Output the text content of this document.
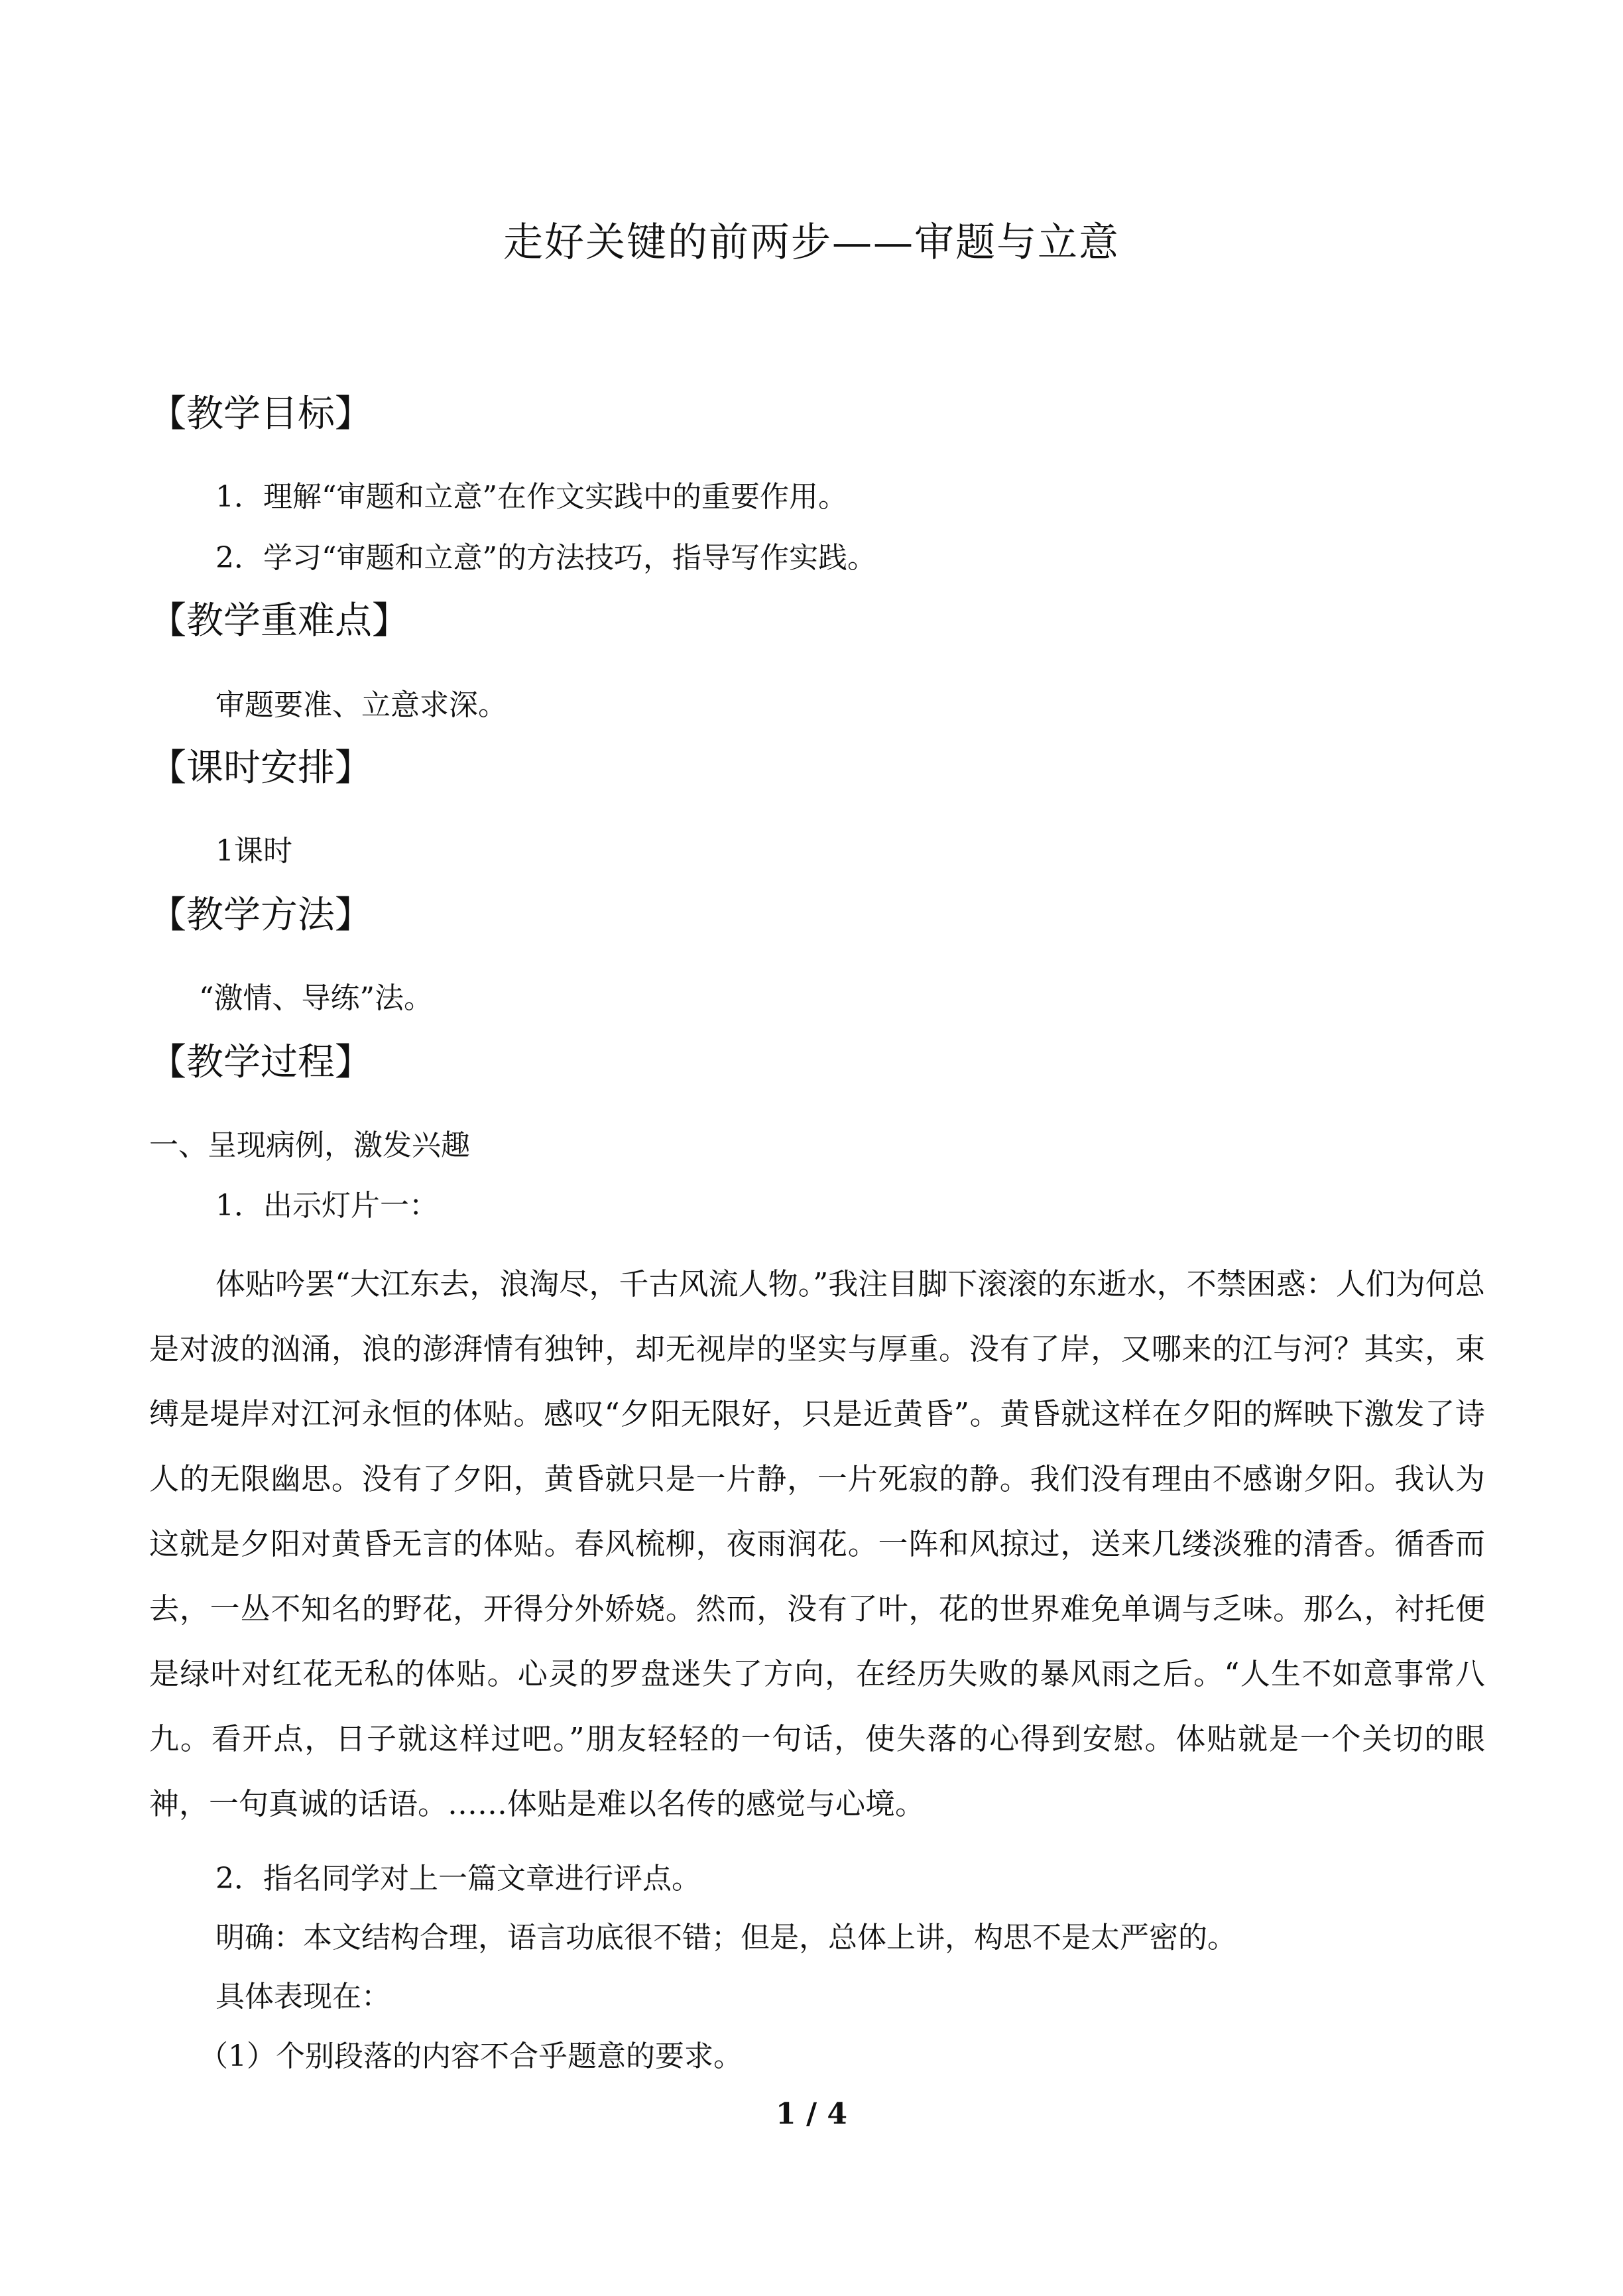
走好关键的前两步——审题与立意
【教学目标】
1．理解“审题和立意”在作文实践中的重要作用。
2．学习“审题和立意”的方法技巧，指导写作实践。
【教学重难点】
审题要准、立意求深。
【课时安排】
1课时
【教学方法】
“激情、导练”法。
【教学过程】
一、呈现病例，激发兴趣
1．出示灯片一：
体贴吟罢“大江东去，浪淘尽，千古风流人物。”我注目脚下滚滚的东逝水，不禁困惑：人们为何总是对波的汹涌，浪的澎湃情有独钟，却无视岸的坚实与厚重。没有了岸，又哪来的江与河？其实，束缚是堤岸对江河永恒的体贴。感叹“夕阳无限好，只是近黄昏”。黄昏就这样在夕阳的辉映下激发了诗人的无限幽思。没有了夕阳，黄昏就只是一片静，一片死寂的静。我们没有理由不感谢夕阳。我认为这就是夕阳对黄昏无言的体贴。春风梳柳，夜雨润花。一阵和风掠过，送来几缕淡雅的清香。循香而去，一丛不知名的野花，开得分外娇娆。然而，没有了叶，花的世界难免单调与乏味。那么，衬托便是绿叶对红花无私的体贴。心灵的罗盘迷失了方向，在经历失败的暴风雨之后。“人生不如意事常八九。看开点，日子就这样过吧。”朋友轻轻的一句话，使失落的心得到安慰。体贴就是一个关切的眼神，一句真诚的话语。……体贴是难以名传的感觉与心境。
2．指名同学对上一篇文章进行评点。
明确：本文结构合理，语言功底很不错；但是，总体上讲，构思不是太严密的。
具体表现在：
（1）个别段落的内容不合乎题意的要求。
1 / 4
